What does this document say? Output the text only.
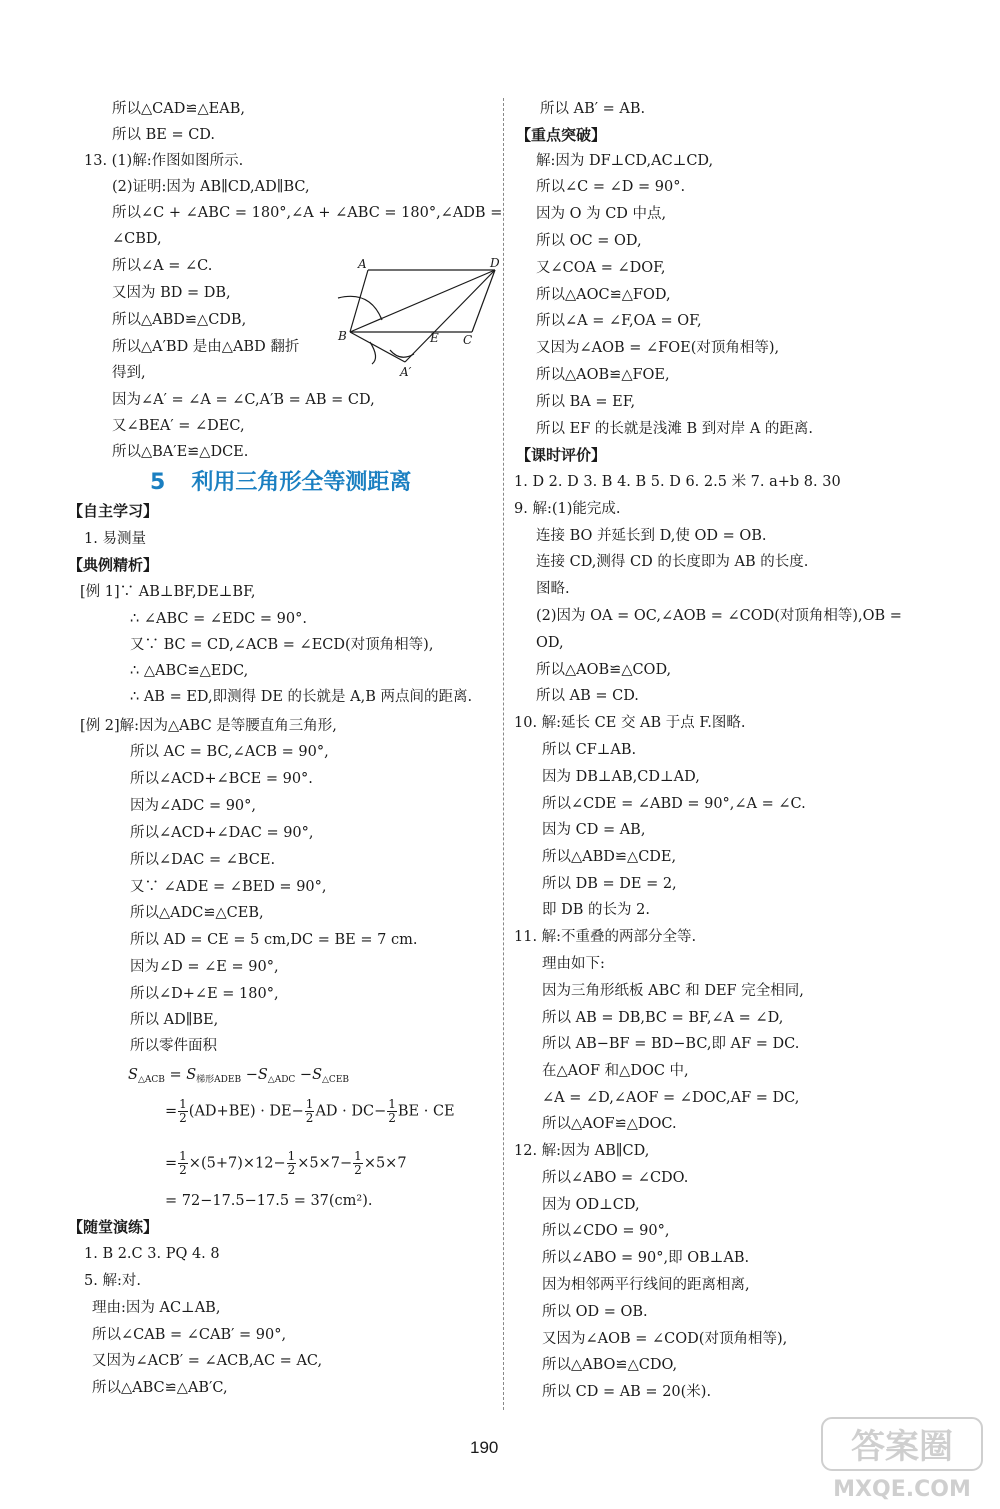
所以△CAD≌△EAB,
所以 BE = CD.
13. (1)解:作图如图所示.
(2)证明:因为 AB∥CD,AD∥BC,
所以∠C + ∠ABC = 180°,∠A + ∠ABC = 180°,∠ADB =
∠CBD,
所以∠A = ∠C.
又因为 BD = DB,
所以△ABD≌△CDB,
所以△A′BD 是由△ABD 翻折
得到,
因为∠A′ = ∠A = ∠C,A′B = AB = CD,
又∠BEA′ = ∠DEC,
所以△BA′E≌△DCE.
A	D
B	E C
A′
5 利用三角形全等测距离
【自主学习】
1. 易测量
【典例精析】
[例 1]∵ AB⊥BF,DE⊥BF,
∴ ∠ABC = ∠EDC = 90°.
又∵ BC = CD,∠ACB = ∠ECD(对顶角相等),
∴ △ABC≌△EDC,
∴ AB = ED,即测得 DE 的长就是 A,B 两点间的距离.
[例 2]解:因为△ABC 是等腰直角三角形,
所以 AC = BC,∠ACB = 90°,
所以∠ACD+∠BCE = 90°.
因为∠ADC = 90°,
所以∠ACD+∠DAC = 90°,
所以∠DAC = ∠BCE.
又∵ ∠ADE = ∠BED = 90°,
所以△ADC≌△CEB,
所以 AD = CE = 5 cm,DC = BE = 7 cm.
因为∠D = ∠E = 90°,
所以∠D+∠E = 180°,
所以 AD∥BE,
所以零件面积
$S_{\triangle ACB} = S_{梯形ADEB} -S_{\triangle ADC} -S_{\triangle CEB}$
= $\frac{1}{2} (AD+BE) \cdot DE- \frac{1}{2}$ AD · $DC- \frac{1}{2}$ BE · CE
= $\frac{1}{2} \times(5+7)\times 12- \frac{1}{2} \times 5\times 7- \frac{1}{2} \times 5\times 7$
= 72−17.5−17.5 = 37(cm²).
【随堂演练】
1. B 2.C 3. PQ 4. 8
5. 解:对.
理由:因为 AC⊥AB,
所以∠CAB = ∠CAB′ = 90°,
又因为∠ACB′ = ∠ACB,AC = AC,
所以△ABC≌△AB′C,
所以 AB′ = AB.
【重点突破】
解:因为 DF⊥CD,AC⊥CD,
所以∠C = ∠D = 90°.
因为 O 为 CD 中点,
所以 OC = OD,
又∠COA = ∠DOF,
所以△AOC≌△FOD,
所以∠A = ∠F,OA = OF,
又因为∠AOB = ∠FOE(对顶角相等),
所以△AOB≌△FOE,
所以 BA = EF,
所以 EF 的长就是浅滩 B 到对岸 A 的距离.
【课时评价】
1. D 2. D 3. B 4. B 5. D 6. 2.5 米 7. a+b 8. 30
9. 解:(1)能完成.
连接 BO 并延长到 D,使 OD = OB.
连接 CD,测得 CD 的长度即为 AB 的长度.
图略.
(2)因为 OA = OC,∠AOB = ∠COD(对顶角相等),OB =
OD,
所以△AOB≌△COD,
所以 AB = CD.
10. 解:延长 CE 交 AB 于点 F.图略.
所以 CF⊥AB.
因为 DB⊥AB,CD⊥AD,
所以∠CDE = ∠ABD = 90°,∠A = ∠C.
因为 CD = AB,
所以△ABD≌△CDE,
所以 DB = DE = 2,
即 DB 的长为 2.
11. 解:不重叠的两部分全等.
理由如下:
因为三角形纸板 ABC 和 DEF 完全相同,
所以 AB = DB,BC = BF,∠A = ∠D,
所以 AB−BF = BD−BC,即 AF = DC.
在△AOF 和△DOC 中,
∠A = ∠D,∠AOF = ∠DOC,AF = DC,
所以△AOF≌△DOC.
12. 解:因为 AB∥CD,
所以∠ABO = ∠CDO.
因为 OD⊥CD,
所以∠CDO = 90°,
所以∠ABO = 90°,即 OB⊥AB.
因为相邻两平行线间的距离相离,
所以 OD = OB.
又因为∠AOB = ∠COD(对顶角相等),
所以△ABO≌△CDO,
所以 CD = AB = 20(米).
190	答案圈
MXQE.COM
